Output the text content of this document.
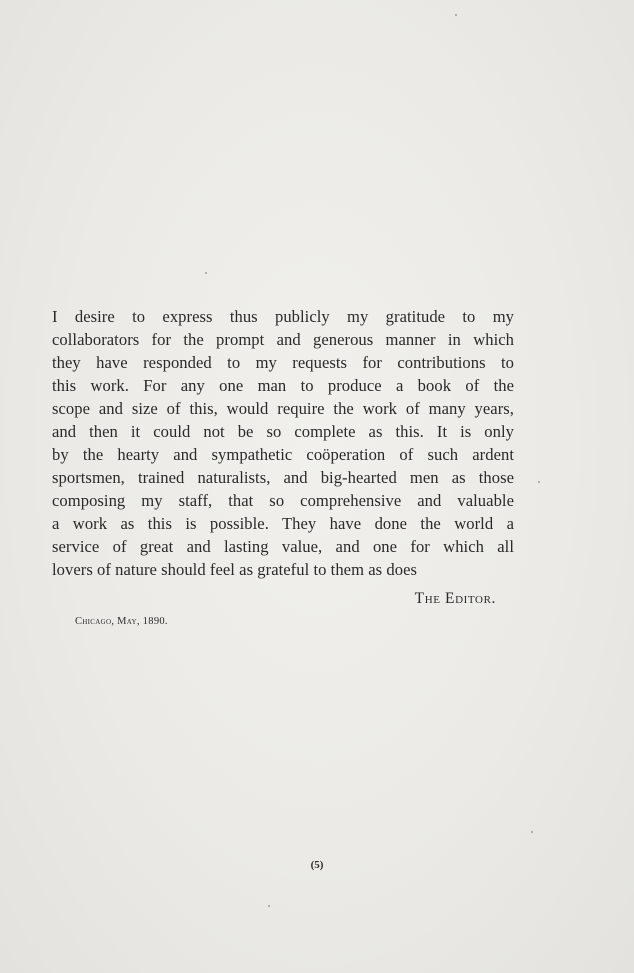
I desire to express thus publicly my gratitude to my
collaborators for the prompt and generous manner in which
they have responded to my requests for contributions to
this work. For any one man to produce a book of the
scope and size of this, would require the work of many years,
and then it could not be so complete as this. It is only
by the hearty and sympathetic coöperation of such ardent
sportsmen, trained naturalists, and big-hearted men as those
composing my staff, that so comprehensive and valuable
a work as this is possible. They have done the world a
service of great and lasting value, and one for which all
lovers of nature should feel as grateful to them as does

The Editor.

Chicago, May, 1890.

(5)
